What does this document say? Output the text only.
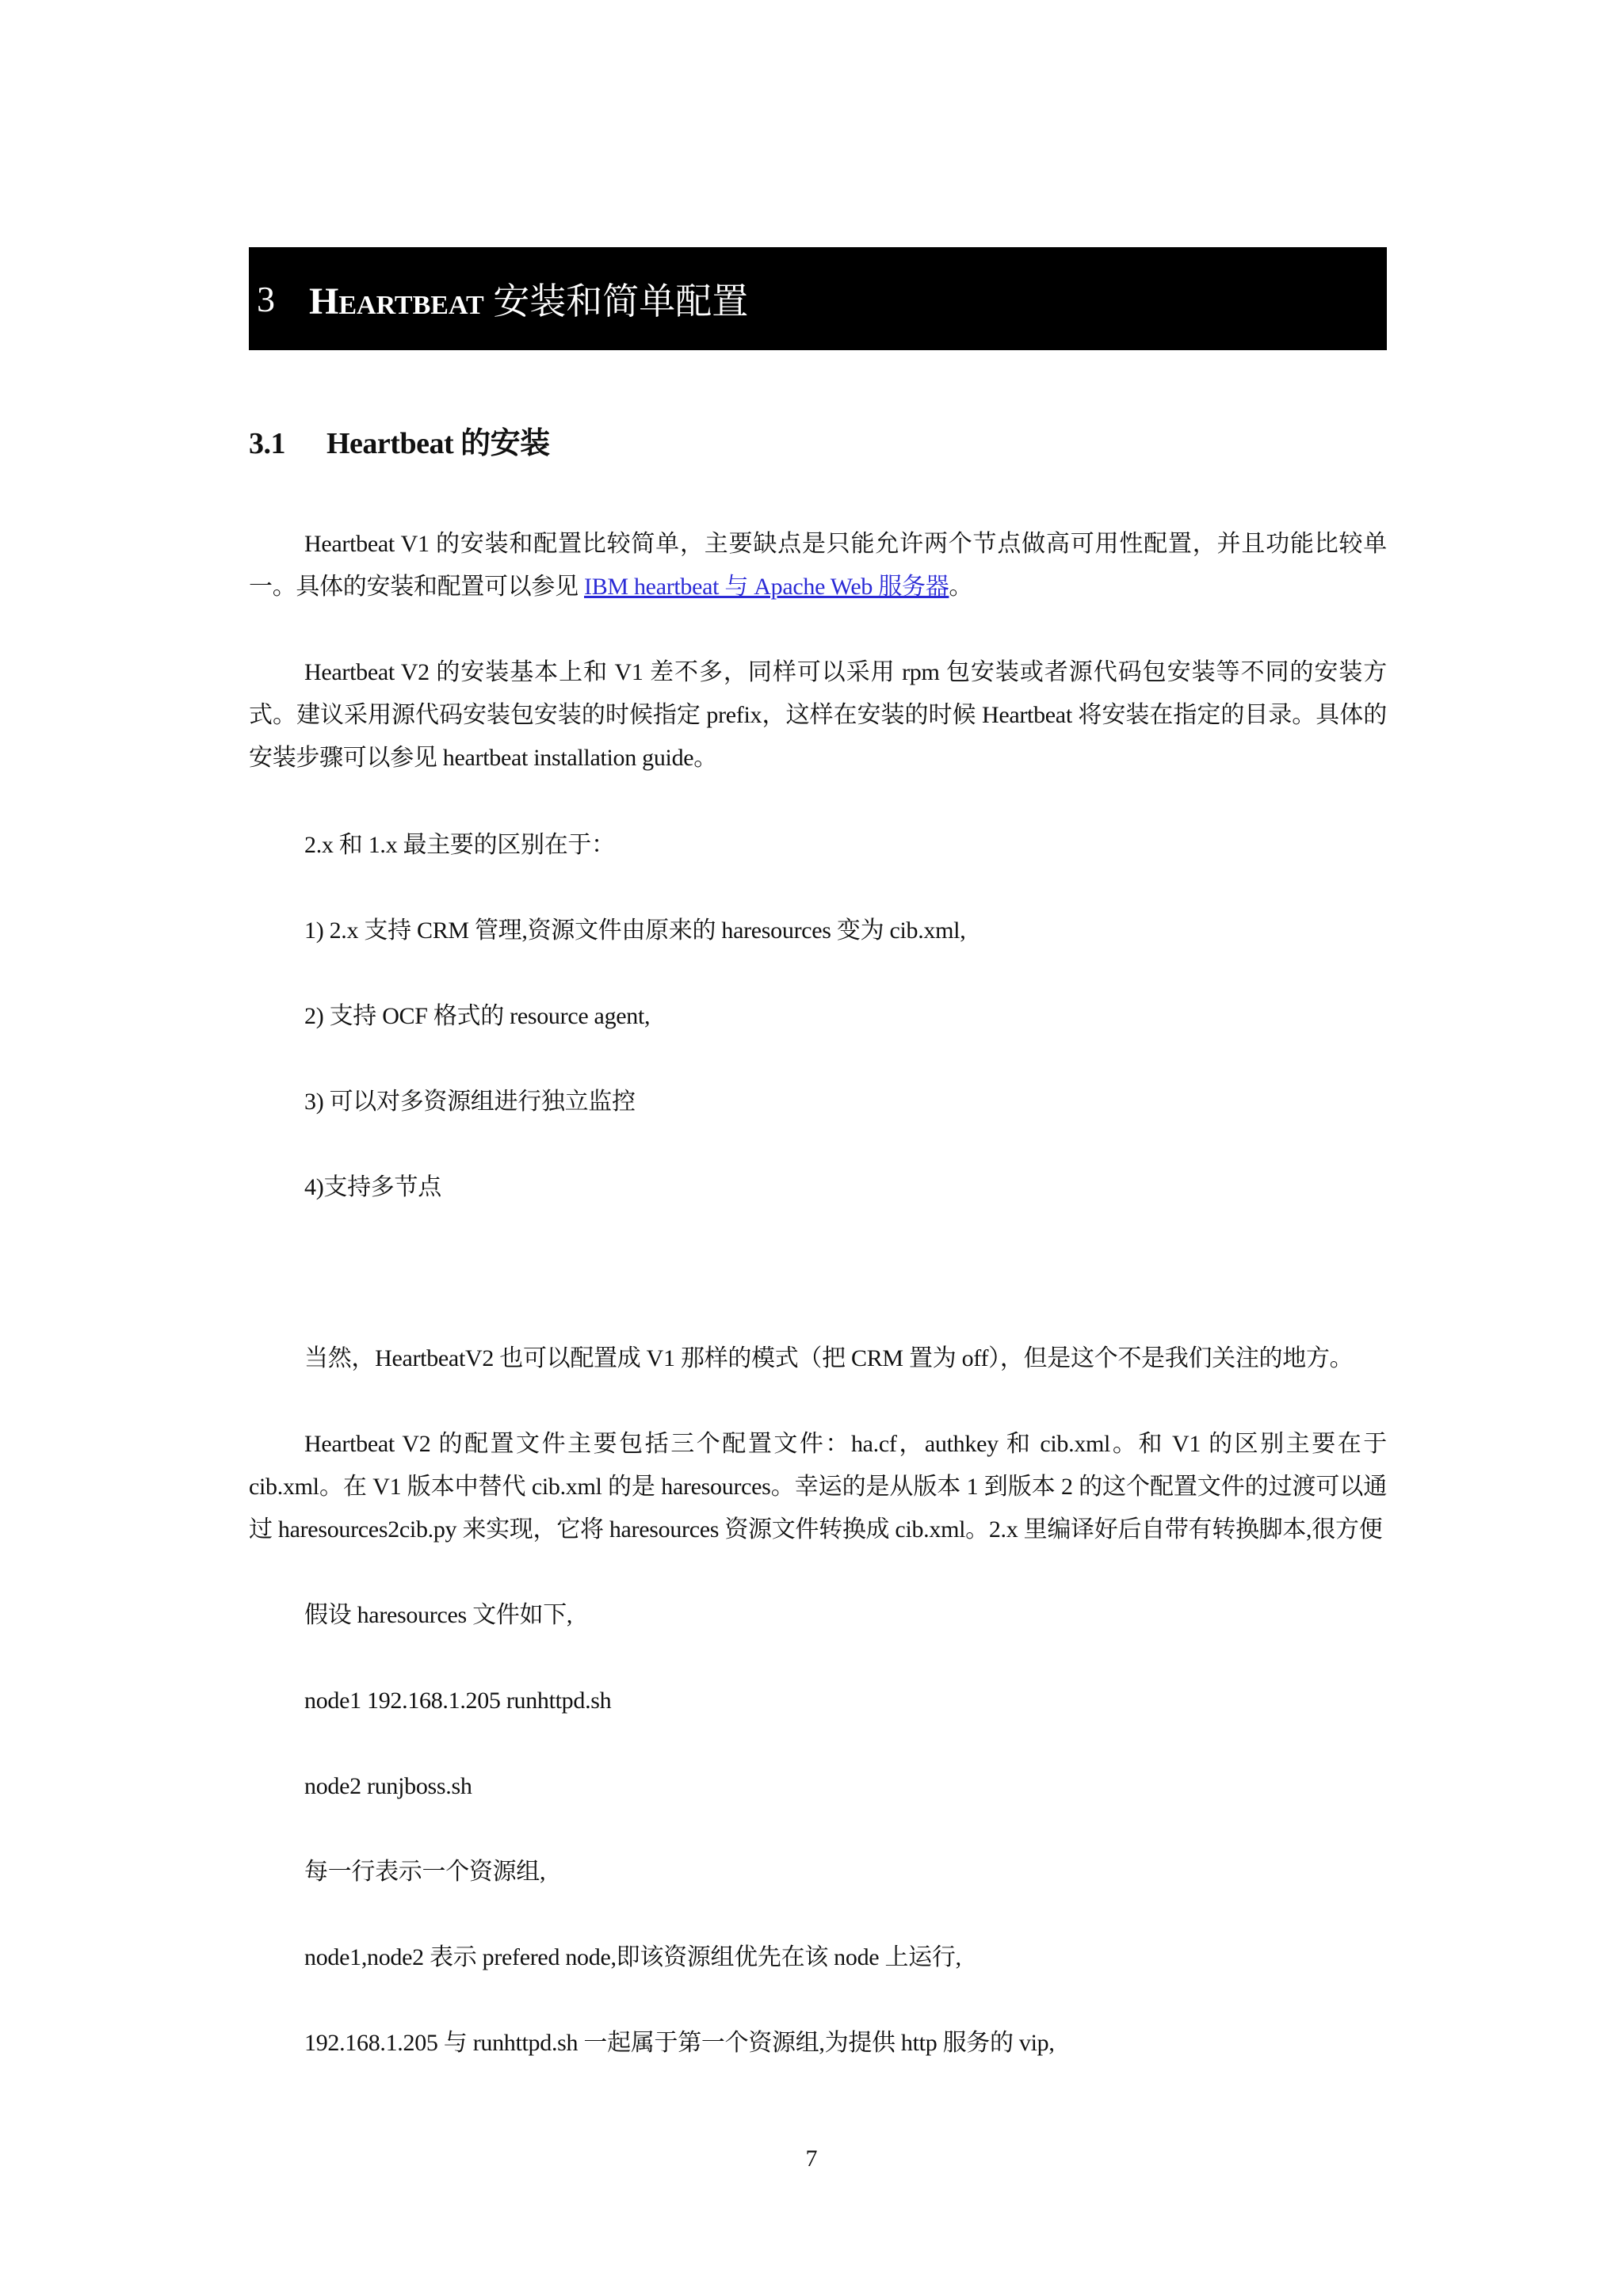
3 HEARTBEAT 安装和简单配置
3.1 Heartbeat 的安装

Heartbeat V1 的安装和配置比较简单，主要缺点是只能允许两个节点做高可用性配置，并且功能比较单一。具体的安装和配置可以参见 IBM heartbeat 与 Apache Web 服务器。

Heartbeat V2 的安装基本上和 V1 差不多，同样可以采用 rpm 包安装或者源代码包安装等不同的安装方式。建议采用源代码安装包安装的时候指定 prefix，这样在安装的时候 Heartbeat 将安装在指定的目录。具体的安装步骤可以参见 heartbeat installation guide。

2.x 和 1.x 最主要的区别在于：

1) 2.x 支持 CRM 管理,资源文件由原来的 haresources 变为 cib.xml,

2) 支持 OCF 格式的 resource agent,

3) 可以对多资源组进行独立监控

4)支持多节点

当然，HeartbeatV2 也可以配置成 V1 那样的模式（把 CRM 置为 off），但是这个不是我们关注的地方。

Heartbeat V2 的配置文件主要包括三个配置文件：ha.cf，authkey 和 cib.xml。和 V1 的区别主要在于 cib.xml。在 V1 版本中替代 cib.xml 的是 haresources。幸运的是从版本 1 到版本 2 的这个配置文件的过渡可以通过 haresources2cib.py 来实现，它将 haresources 资源文件转换成 cib.xml。2.x 里编译好后自带有转换脚本,很方便

假设 haresources 文件如下,

node1 192.168.1.205 runhttpd.sh

node2 runjboss.sh

每一行表示一个资源组,

node1,node2 表示 prefered node,即该资源组优先在该 node 上运行,

192.168.1.205 与 runhttpd.sh 一起属于第一个资源组,为提供 http 服务的 vip,

7
